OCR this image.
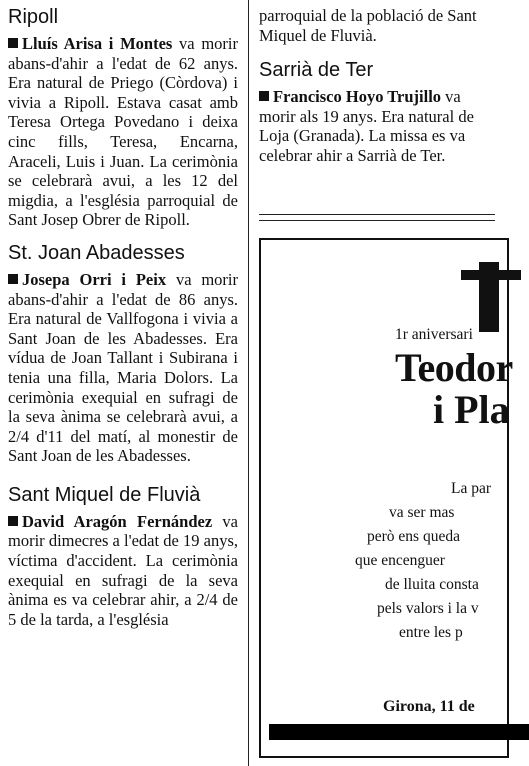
Ripoll

Lluís Arisa i Montes va morir abans-d'ahir a l'edat de 62 anys. Era natural de Priego (Còrdova) i vivia a Ripoll. Estava casat amb Teresa Ortega Povedano i deixa cinc fills, Teresa, Encarna, Araceli, Luis i Juan. La cerimònia se celebrarà avui, a les 12 del migdia, a l'església parroquial de Sant Josep Obrer de Ripoll.

St. Joan Abadesses

Josepa Orri i Peix va morir abans-d'ahir a l'edat de 86 anys. Era natural de Vallfogona i vivia a Sant Joan de les Abadesses. Era vídua de Joan Tallant i Subirana i tenia una filla, Maria Dolors. La cerimònia exequial en sufragi de la seva ànima se celebrarà avui, a 2/4 d'11 del matí, al monestir de Sant Joan de les Abadesses.

Sant Miquel de Fluvià

David Aragón Fernández va morir dimecres a l'edat de 19 anys, víctima d'accident. La cerimònia exequial en sufragi de la seva ànima es va celebrar ahir, a 2/4 de 5 de la tarda, a l'església

parroquial de la població de Sant Miquel de Fluvià.

Sarrià de Ter

Francisco Hoyo Trujillo va morir als 19 anys. Era natural de Loja (Granada). La missa es va celebrar ahir a Sarrià de Ter.

1r aniversari
Teodor
i Pla
La par
va ser mas
però ens queda
que encenguer
de lluita consta
pels valors i la v
entre les p
Girona, 11 de
